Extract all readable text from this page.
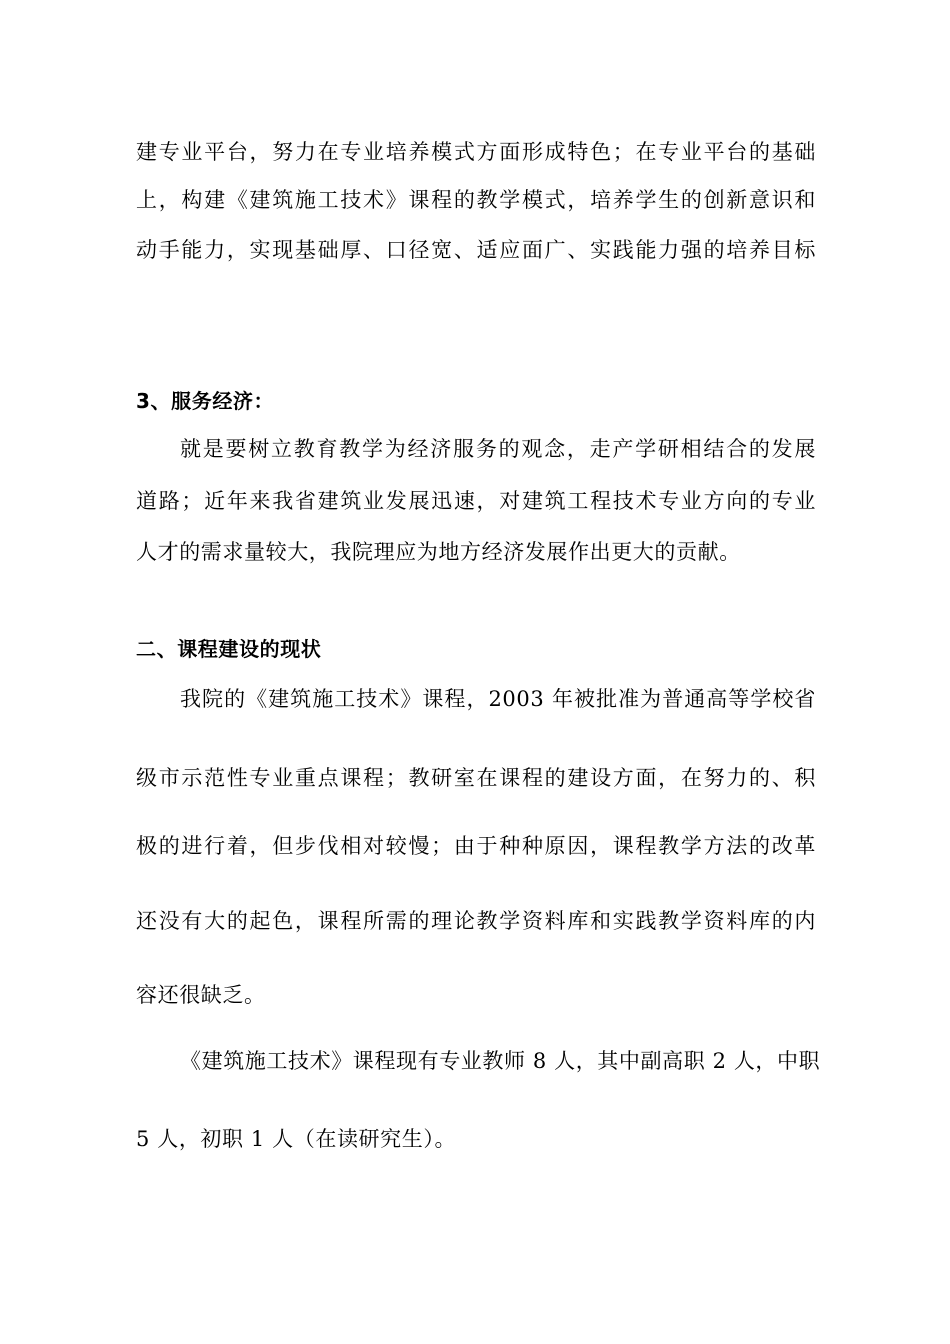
建专业平台，努力在专业培养模式方面形成特色；在专业平台的基础
上，构建《建筑施工技术》课程的教学模式，培养学生的创新意识和
动手能力，实现基础厚、口径宽、适应面广、实践能力强的培养目标
3、服务经济：
就是要树立教育教学为经济服务的观念，走产学研相结合的发展
道路；近年来我省建筑业发展迅速，对建筑工程技术专业方向的专业
人才的需求量较大，我院理应为地方经济发展作出更大的贡献。
二、课程建设的现状
我院的《建筑施工技术》课程，2003 年被批准为普通高等学校省
级市示范性专业重点课程；教研室在课程的建设方面，在努力的、积
极的进行着，但步伐相对较慢；由于种种原因，课程教学方法的改革
还没有大的起色，课程所需的理论教学资料库和实践教学资料库的内
容还很缺乏。
《建筑施工技术》课程现有专业教师 8 人，其中副高职 2 人，中职
5 人，初职 1 人（在读研究生）。
